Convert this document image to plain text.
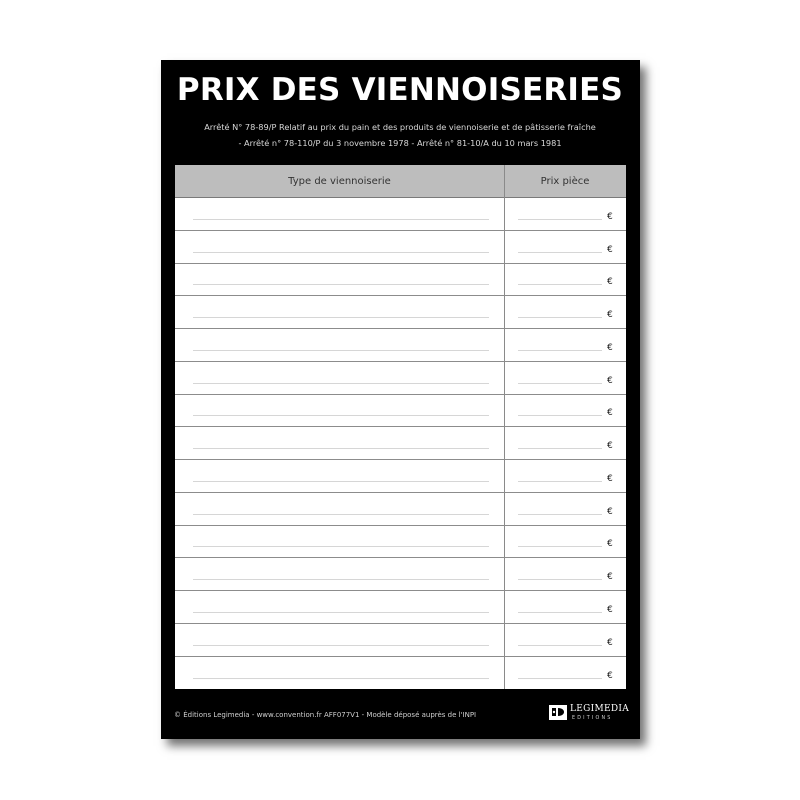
PRIX DES VIENNOISERIES
Arrêté N° 78-89/P Relatif au prix du pain et des produits de viennoiserie et de pâtisserie fraîche
- Arrêté n° 78-110/P du 3 novembre 1978 - Arrêté n° 81-10/A du 10 mars 1981
Type de viennoiserie	Prix pièce
€
€
€
€
€
€
€
€
€
€
€
€
€
€
€
© Éditions Legimedia - www.convention.fr AFF077V1 - Modèle déposé auprès de l'INPI
LEGIMEDIA
EDITIONS
